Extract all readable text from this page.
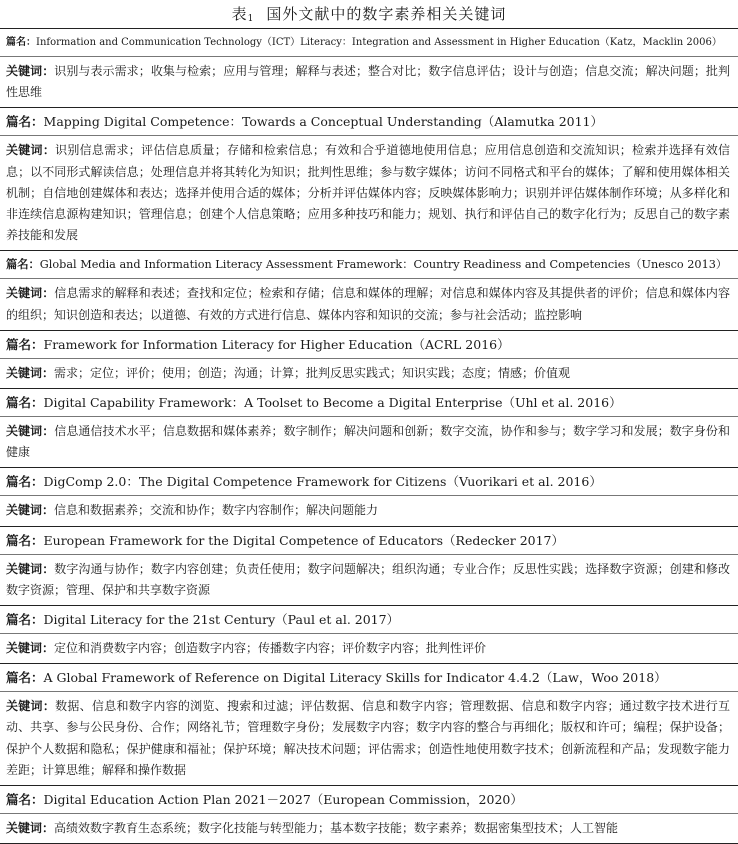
表$_1$ 国外文献中的数字素养相关关键词
篇名：Information and Communication Technology（ICT）Literacy：Integration and Assessment in Higher Education（Katz，Macklin 2006）
关键词：识别与表示需求；收集与检索；应用与管理；解释与表述；整合对比；数字信息评估；设计与创造；信息交流；解决问题；批判性思维
篇名：Mapping Digital Competence：Towards a Conceptual Understanding（Alamutka 2011）
关键词：识别信息需求；评估信息质量；存储和检索信息；有效和合乎道德地使用信息；应用信息创造和交流知识；检索并选择有效信息；以不同形式解读信息；处理信息并将其转化为知识；批判性思维；参与数字媒体；访问不同格式和平台的媒体；了解和使用媒体相关机制；自信地创建媒体和表达；选择并使用合适的媒体；分析并评估媒体内容；反映媒体影响力；识别并评估媒体制作环境；从多样化和非连续信息源构建知识；管理信息；创建个人信息策略；应用多种技巧和能力；规划、执行和评估自己的数字化行为；反思自己的数字素养技能和发展
篇名：Global Media and Information Literacy Assessment Framework：Country Readiness and Competencies（Unesco 2013）
关键词：信息需求的解释和表述；查找和定位；检索和存储；信息和媒体的理解；对信息和媒体内容及其提供者的评价；信息和媒体内容的组织；知识创造和表达；以道德、有效的方式进行信息、媒体内容和知识的交流；参与社会活动；监控影响
篇名：Framework for Information Literacy for Higher Education（ACRL 2016）
关键词：需求；定位；评价；使用；创造；沟通；计算；批判反思实践式；知识实践；态度；情感；价值观
篇名：Digital Capability Framework：A Toolset to Become a Digital Enterprise（Uhl et al. 2016）
关键词：信息通信技术水平；信息数据和媒体素养；数字制作；解决问题和创新；数字交流，协作和参与；数字学习和发展；数字身份和健康
篇名：DigComp 2.0：The Digital Competence Framework for Citizens（Vuorikari et al. 2016）
关键词：信息和数据素养；交流和协作；数字内容制作；解决问题能力
篇名：European Framework for the Digital Competence of Educators（Redecker 2017）
关键词：数字沟通与协作；数字内容创建；负责任使用；数字问题解决；组织沟通；专业合作；反思性实践；选择数字资源；创建和修改数字资源；管理、保护和共享数字资源
篇名：Digital Literacy for the 21st Century（Paul et al. 2017）
关键词：定位和消费数字内容；创造数字内容；传播数字内容；评价数字内容；批判性评价
篇名：A Global Framework of Reference on Digital Literacy Skills for Indicator 4.4.2（Law，Woo 2018）
关键词：数据、信息和数字内容的浏览、搜索和过滤；评估数据、信息和数字内容；管理数据、信息和数字内容；通过数字技术进行互动、共享、参与公民身份、合作；网络礼节；管理数字身份；发展数字内容；数字内容的整合与再细化；版权和许可；编程；保护设备；保护个人数据和隐私；保护健康和福祉；保护环境；解决技术问题；评估需求；创造性地使用数字技术；创新流程和产品；发现数字能力差距；计算思维；解释和操作数据
篇名：Digital Education Action Plan 2021－2027（European Commission，2020）
关键词：高绩效数字教育生态系统；数字化技能与转型能力；基本数字技能；数字素养；数据密集型技术；人工智能
